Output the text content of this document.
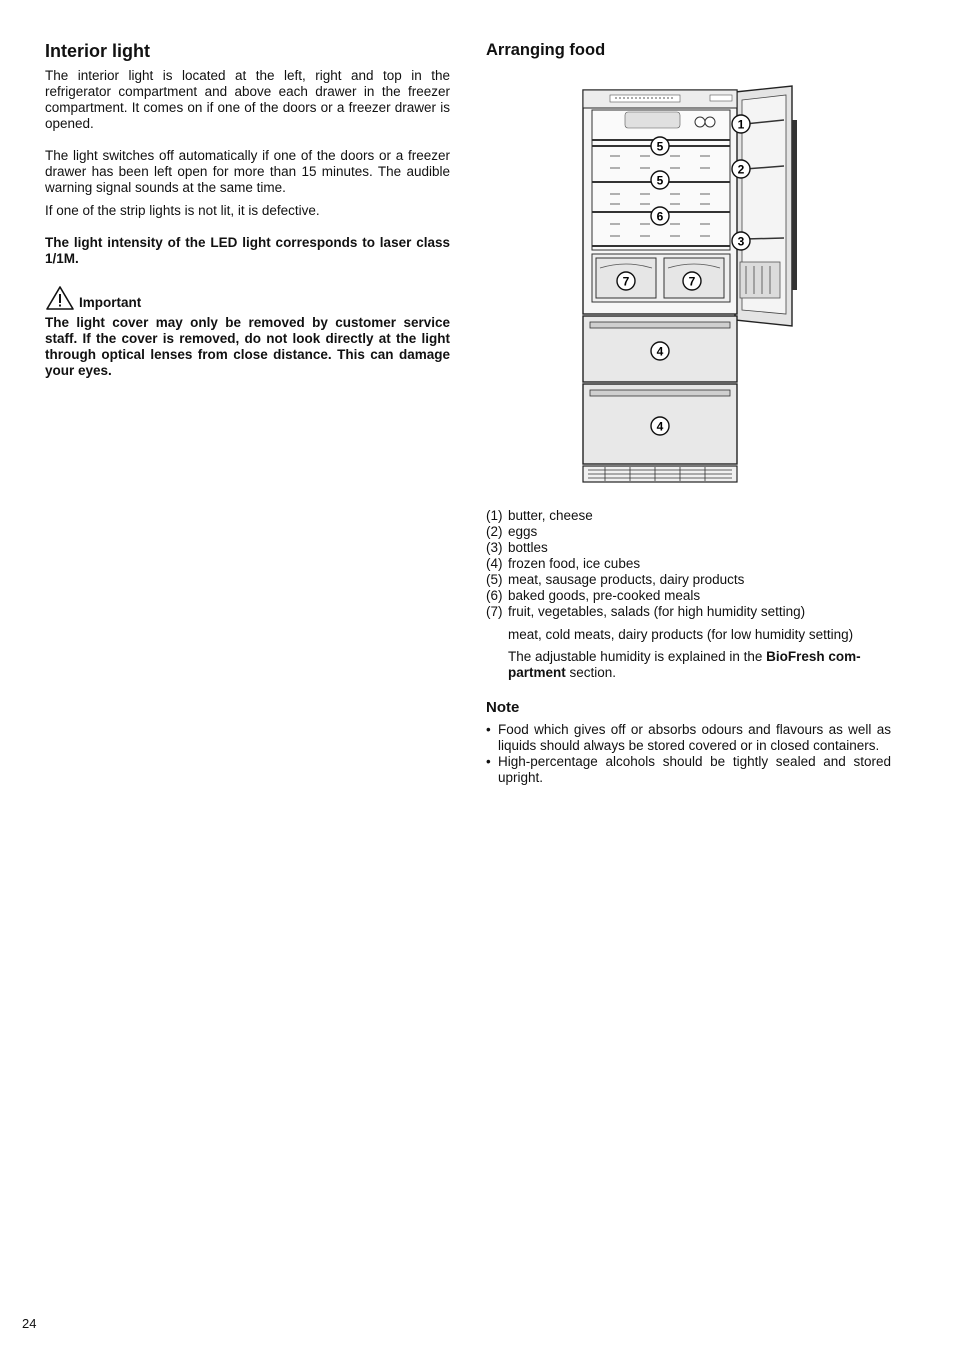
Interior light

The interior light is located at the left, right and top in the refrigerator compartment and above each drawer in the freezer compartment. It comes on if one of the doors or a freezer drawer is opened.

The light switches off automatically if one of the doors or a freezer drawer has been left open for more than 15 minutes. The audible warning signal sounds at the same time.

If one of the strip lights is not lit, it is defective.

The light intensity of the LED light corresponds to laser class 1/1M.

Important

The light cover may only be removed by customer service staff. If the cover is removed, do not look directly at the light through optical lenses from close distance. This can damage your eyes.

Arranging food
1
2
3
4
4
5
5
6
7	7
(1) butter, cheese
(2) eggs
(3) bottles
(4) frozen food, ice cubes
(5) meat, sausage products, dairy products
(6) baked goods, pre-cooked meals
(7) fruit, vegetables, salads (for high humidity setting)
meat, cold meats, dairy products (for low humidity setting)
The adjustable humidity is explained in the BioFresh com-partment section.
Note
• Food which gives off or absorbs odours and flavours as well as liquids should always be stored covered or in closed containers.
• High-percentage alcohols should be tightly sealed and stored upright.
24
